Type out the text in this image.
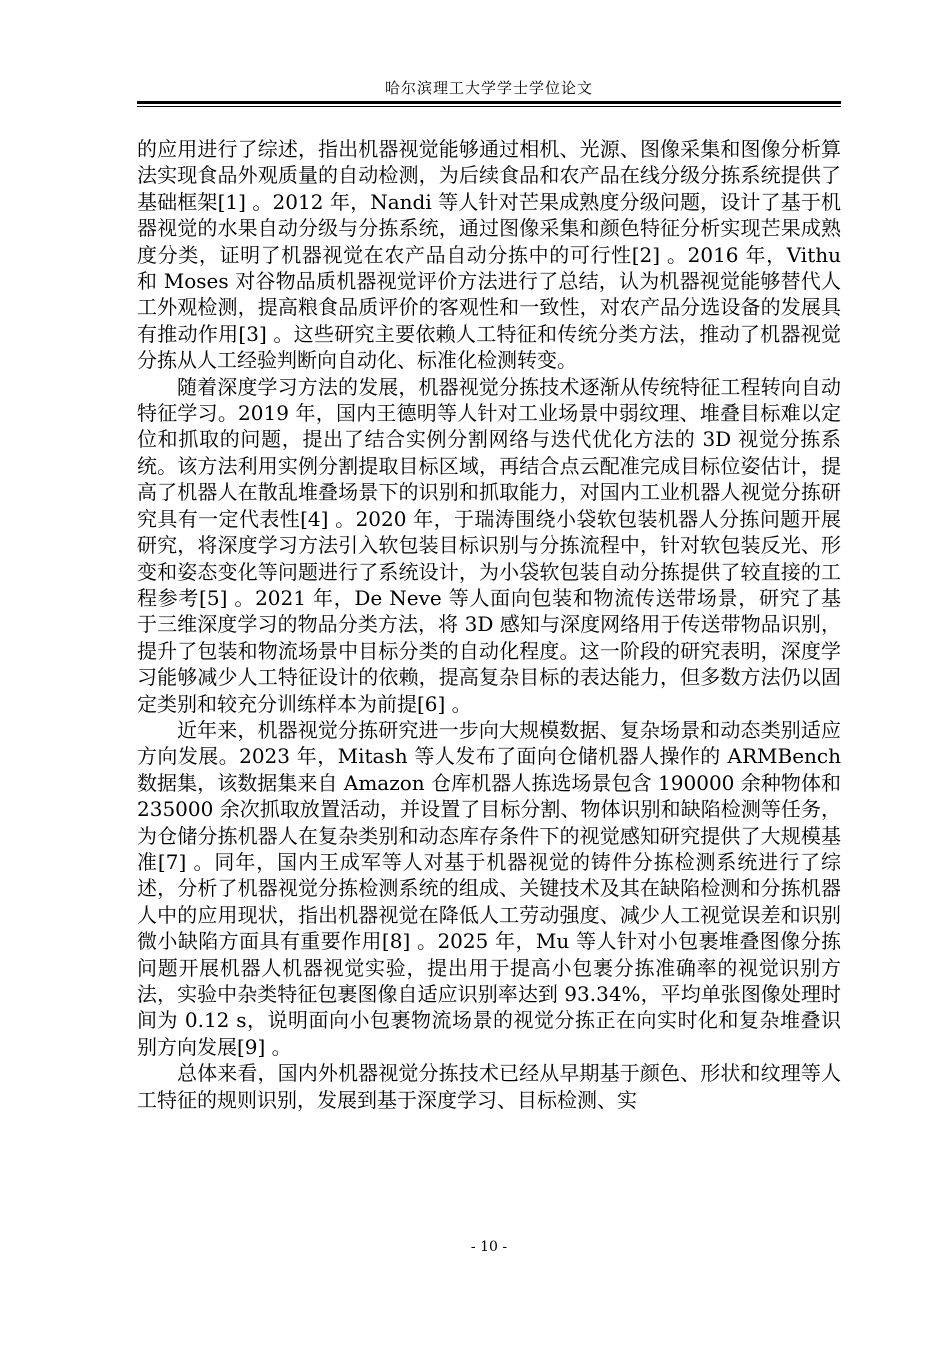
哈尔滨理工大学学士学位论文

的应用进行了综述，指出机器视觉能够通过相机、光源、图像采集和图像分析算法实现食品外观质量的自动检测，为后续食品和农产品在线分级分拣系统提供了基础框架[1] 。2012 年，Nandi 等人针对芒果成熟度分级问题，设计了基于机器视觉的水果自动分级与分拣系统，通过图像采集和颜色特征分析实现芒果成熟度分类，证明了机器视觉在农产品自动分拣中的可行性[2] 。2016 年，Vithu 和 Moses 对谷物品质机器视觉评价方法进行了总结，认为机器视觉能够替代人工外观检测，提高粮食品质评价的客观性和一致性，对农产品分选设备的发展具有推动作用[3] 。这些研究主要依赖人工特征和传统分类方法，推动了机器视觉分拣从人工经验判断向自动化、标准化检测转变。

随着深度学习方法的发展，机器视觉分拣技术逐渐从传统特征工程转向自动特征学习。2019 年，国内王德明等人针对工业场景中弱纹理、堆叠目标难以定位和抓取的问题，提出了结合实例分割网络与迭代优化方法的 3D 视觉分拣系统。该方法利用实例分割提取目标区域，再结合点云配准完成目标位姿估计，提高了机器人在散乱堆叠场景下的识别和抓取能力，对国内工业机器人视觉分拣研究具有一定代表性[4] 。2020 年，于瑞涛围绕小袋软包装机器人分拣问题开展研究，将深度学习方法引入软包装目标识别与分拣流程中，针对软包装反光、形变和姿态变化等问题进行了系统设计，为小袋软包装自动分拣提供了较直接的工程参考[5] 。2021 年，De Neve 等人面向包装和物流传送带场景，研究了基于三维深度学习的物品分类方法，将 3D 感知与深度网络用于传送带物品识别，提升了包装和物流场景中目标分类的自动化程度。这一阶段的研究表明，深度学习能够减少人工特征设计的依赖，提高复杂目标的表达能力，但多数方法仍以固定类别和较充分训练样本为前提[6] 。

近年来，机器视觉分拣研究进一步向大规模数据、复杂场景和动态类别适应方向发展。2023 年，Mitash 等人发布了面向仓储机器人操作的 ARMBench 数据集，该数据集来自 Amazon 仓库机器人拣选场景包含 190000 余种物体和 235000 余次抓取放置活动，并设置了目标分割、物体识别和缺陷检测等任务，为仓储分拣机器人在复杂类别和动态库存条件下的视觉感知研究提供了大规模基准[7] 。同年，国内王成军等人对基于机器视觉的铸件分拣检测系统进行了综述，分析了机器视觉分拣检测系统的组成、关键技术及其在缺陷检测和分拣机器人中的应用现状，指出机器视觉在降低人工劳动强度、减少人工视觉误差和识别微小缺陷方面具有重要作用[8] 。2025 年，Mu 等人针对小包裹堆叠图像分拣问题开展机器人机器视觉实验，提出用于提高小包裹分拣准确率的视觉识别方法，实验中杂类特征包裹图像自适应识别率达到 93.34%，平均单张图像处理时间为 0.12 s，说明面向小包裹物流场景的视觉分拣正在向实时化和复杂堆叠识别方向发展[9] 。

总体来看，国内外机器视觉分拣技术已经从早期基于颜色、形状和纹理等人工特征的规则识别，发展到基于深度学习、目标检测、实

- 10 -
